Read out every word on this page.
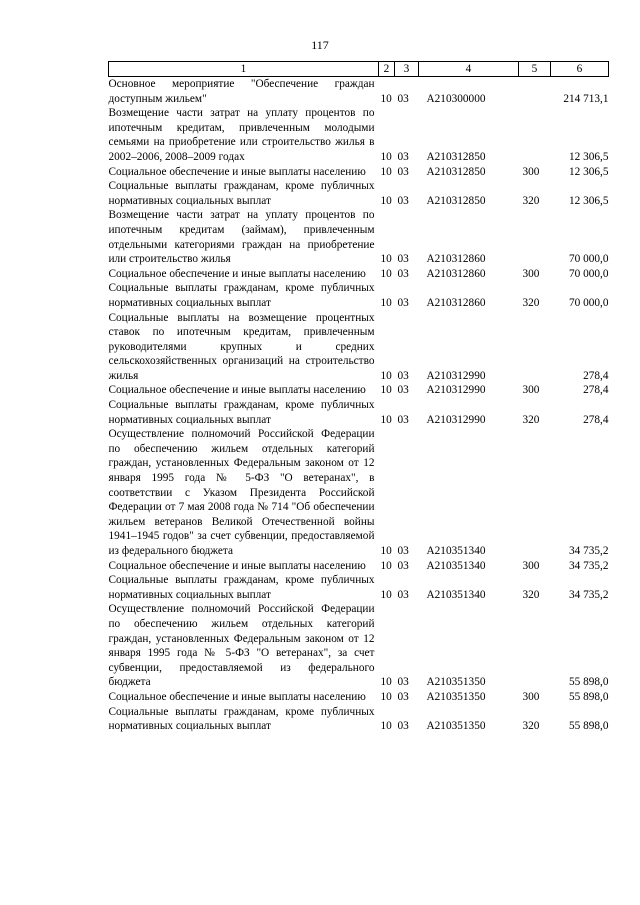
117
1	2	3	4	5	6
Основное мероприятие "Обеспечение граждан доступным жильем"	10	03	A210300000		214 713,1
Возмещение части затрат на уплату процентов по ипотечным кредитам, привлеченным молодыми семьями на приобретение или строительство жилья в 2002–2006, 2008–2009 годах	10	03	A210312850		12 306,5
Социальное обеспечение и иные выплаты населению	10	03	A210312850	300	12 306,5
Социальные выплаты гражданам, кроме публичных нормативных социальных выплат	10	03	A210312850	320	12 306,5
Возмещение части затрат на уплату процентов по ипотечным кредитам (займам), привлеченным отдельными категориями граждан на приобретение или строительство жилья	10	03	A210312860		70 000,0
Социальное обеспечение и иные выплаты населению	10	03	A210312860	300	70 000,0
Социальные выплаты гражданам, кроме публичных нормативных социальных выплат	10	03	A210312860	320	70 000,0
Социальные выплаты на возмещение процентных ставок по ипотечным кредитам, привлеченным руководителями крупных и средних сельскохозяйственных организаций на строительство жилья	10	03	A210312990		278,4
Социальное обеспечение и иные выплаты населению	10	03	A210312990	300	278,4
Социальные выплаты гражданам, кроме публичных нормативных социальных выплат	10	03	A210312990	320	278,4
Осуществление полномочий Российской Федерации по обеспечению жильем отдельных категорий граждан, установленных Федеральным законом от 12 января 1995 года № 5-ФЗ "О ветеранах", в соответствии с Указом Президента Российской Федерации от 7 мая 2008 года № 714 "Об обеспечении жильем ветеранов Великой Отечественной войны 1941–1945 годов" за счет субвенции, предоставляемой из федерального бюджета	10	03	A210351340		34 735,2
Социальное обеспечение и иные выплаты населению	10	03	A210351340	300	34 735,2
Социальные выплаты гражданам, кроме публичных нормативных социальных выплат	10	03	A210351340	320	34 735,2
Осуществление полномочий Российской Федерации по обеспечению жильем отдельных категорий граждан, установленных Федеральным законом от 12 января 1995 года № 5-ФЗ "О ветеранах", за счет субвенции, предоставляемой из федерального бюджета	10	03	A210351350		55 898,0
Социальное обеспечение и иные выплаты населению	10	03	A210351350	300	55 898,0
Социальные выплаты гражданам, кроме публичных нормативных социальных выплат	10	03	A210351350	320	55 898,0
